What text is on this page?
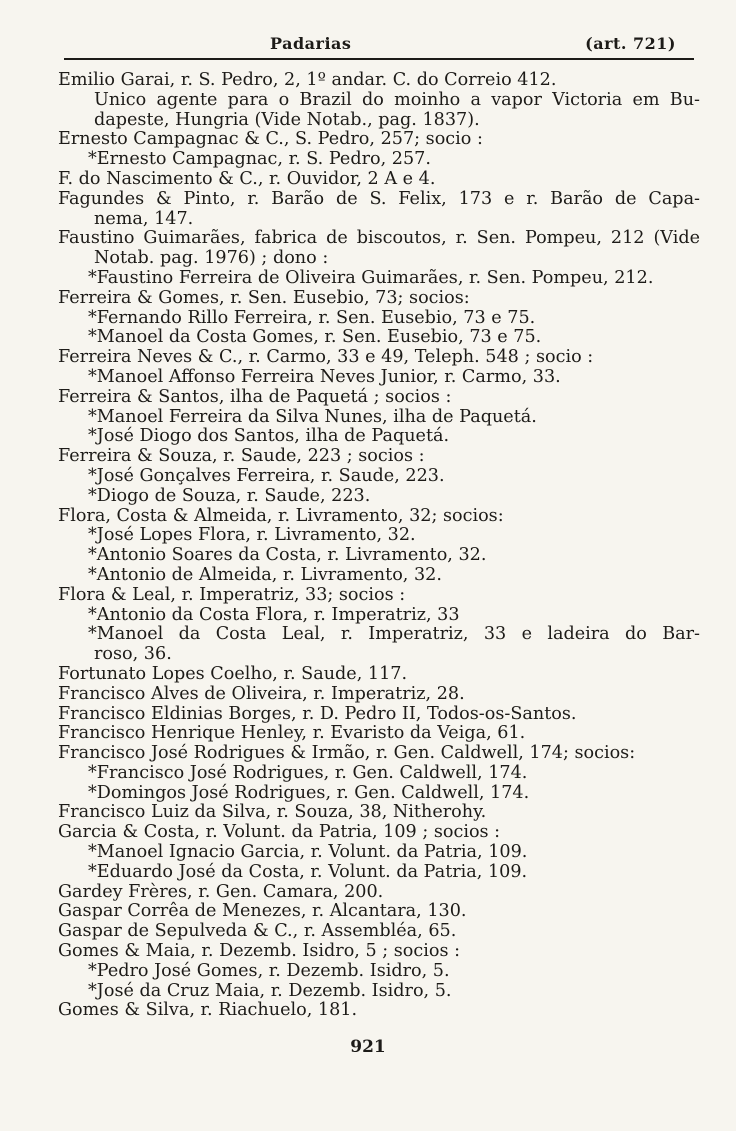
Padarias	(art. 721)
Emilio Garai, r. S. Pedro, 2, 1º andar. C. do Correio 412.
Unico agente para o Brazil do moinho a vapor Victoria em Bu-
dapeste, Hungria (Vide Notab., pag. 1837).
Ernesto Campagnac & C., S. Pedro, 257; socio :
*Ernesto Campagnac, r. S. Pedro, 257.
F. do Nascimento & C., r. Ouvidor, 2 A e 4.
Fagundes & Pinto, r. Barão de S. Felix, 173 e r. Barão de Capa-
nema, 147.
Faustino Guimarães, fabrica de biscoutos, r. Sen. Pompeu, 212 (Vide
Notab. pag. 1976) ; dono :
*Faustino Ferreira de Oliveira Guimarães, r. Sen. Pompeu, 212.
Ferreira & Gomes, r. Sen. Eusebio, 73; socios:
*Fernando Rillo Ferreira, r. Sen. Eusebio, 73 e 75.
*Manoel da Costa Gomes, r. Sen. Eusebio, 73 e 75.
Ferreira Neves & C., r. Carmo, 33 e 49, Teleph. 548 ; socio :
*Manoel Affonso Ferreira Neves Junior, r. Carmo, 33.
Ferreira & Santos, ilha de Paquetá ; socios :
*Manoel Ferreira da Silva Nunes, ilha de Paquetá.
*José Diogo dos Santos, ilha de Paquetá.
Ferreira & Souza, r. Saude, 223 ; socios :
*José Gonçalves Ferreira, r. Saude, 223.
*Diogo de Souza, r. Saude, 223.
Flora, Costa & Almeida, r. Livramento, 32; socios:
*José Lopes Flora, r. Livramento, 32.
*Antonio Soares da Costa, r. Livramento, 32.
*Antonio de Almeida, r. Livramento, 32.
Flora & Leal, r. Imperatriz, 33; socios :
*Antonio da Costa Flora, r. Imperatriz, 33
*Manoel da Costa Leal, r. Imperatriz, 33 e ladeira do Bar-
roso, 36.
Fortunato Lopes Coelho, r. Saude, 117.
Francisco Alves de Oliveira, r. Imperatriz, 28.
Francisco Eldinias Borges, r. D. Pedro II, Todos-os-Santos.
Francisco Henrique Henley, r. Evaristo da Veiga, 61.
Francisco José Rodrigues & Irmão, r. Gen. Caldwell, 174; socios:
*Francisco José Rodrigues, r. Gen. Caldwell, 174.
*Domingos José Rodrigues, r. Gen. Caldwell, 174.
Francisco Luiz da Silva, r. Souza, 38, Nitherohy.
Garcia & Costa, r. Volunt. da Patria, 109 ; socios :
*Manoel Ignacio Garcia, r. Volunt. da Patria, 109.
*Eduardo José da Costa, r. Volunt. da Patria, 109.
Gardey Frères, r. Gen. Camara, 200.
Gaspar Corrêa de Menezes, r. Alcantara, 130.
Gaspar de Sepulveda & C., r. Assembléa, 65.
Gomes & Maia, r. Dezemb. Isidro, 5 ; socios :
*Pedro José Gomes, r. Dezemb. Isidro, 5.
*José da Cruz Maia, r. Dezemb. Isidro, 5.
Gomes & Silva, r. Riachuelo, 181.
921
